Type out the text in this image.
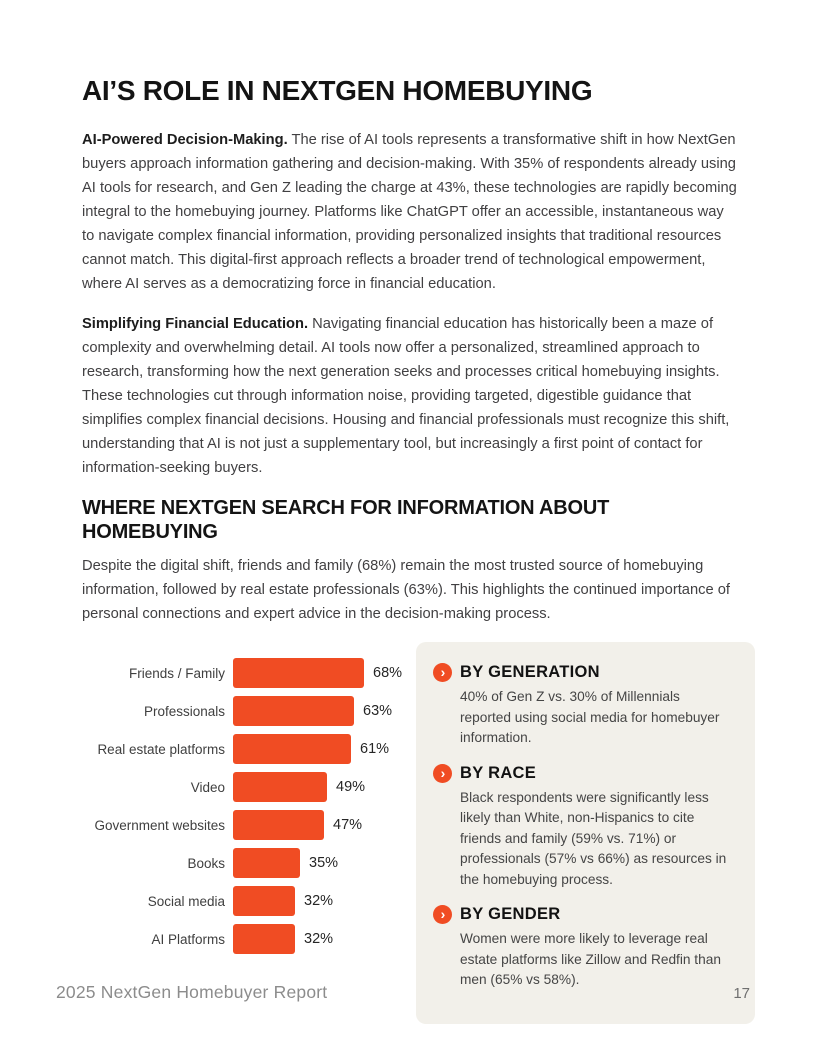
AI’S ROLE IN NEXTGEN HOMEBUYING

AI-Powered Decision-Making. The rise of AI tools represents a transformative shift in how NextGen buyers approach information gathering and decision-making. With 35% of respondents already using AI tools for research, and Gen Z leading the charge at 43%, these technologies are rapidly becoming integral to the homebuying journey. Platforms like ChatGPT offer an accessible, instantaneous way to navigate complex financial information, providing personalized insights that traditional resources cannot match. This digital-first approach reflects a broader trend of technological empowerment, where AI serves as a democratizing force in financial education.

Simplifying Financial Education. Navigating financial education has historically been a maze of complexity and overwhelming detail. AI tools now offer a personalized, streamlined approach to research, transforming how the next generation seeks and processes critical homebuying insights. These technologies cut through information noise, providing targeted, digestible guidance that simplifies complex financial decisions. Housing and financial professionals must recognize this shift, understanding that AI is not just a supplementary tool, but increasingly a first point of contact for information-seeking buyers.

WHERE NEXTGEN SEARCH FOR INFORMATION ABOUT HOMEBUYING

Despite the digital shift, friends and family (68%) remain the most trusted source of homebuying information, followed by real estate professionals (63%). This highlights the continued importance of personal connections and expert advice in the decision-making process.

Friends / Family	68%
Professionals	63%
Real estate platforms	61%
Video	49%
Government websites	47%
Books	35%
Social media	32%
AI Platforms	32%
› BY GENERATION

40% of Gen Z vs. 30% of Millennials reported using social media for homebuyer information.

› BY RACE

Black respondents were significantly less likely than White, non-Hispanics to cite friends and family (59% vs. 71%) or professionals (57% vs 66%) as resources in the homebuying process.

› BY GENDER

Women were more likely to leverage real estate platforms like Zillow and Redfin than men (65% vs 58%).

2025 NextGen Homebuyer Report	17
